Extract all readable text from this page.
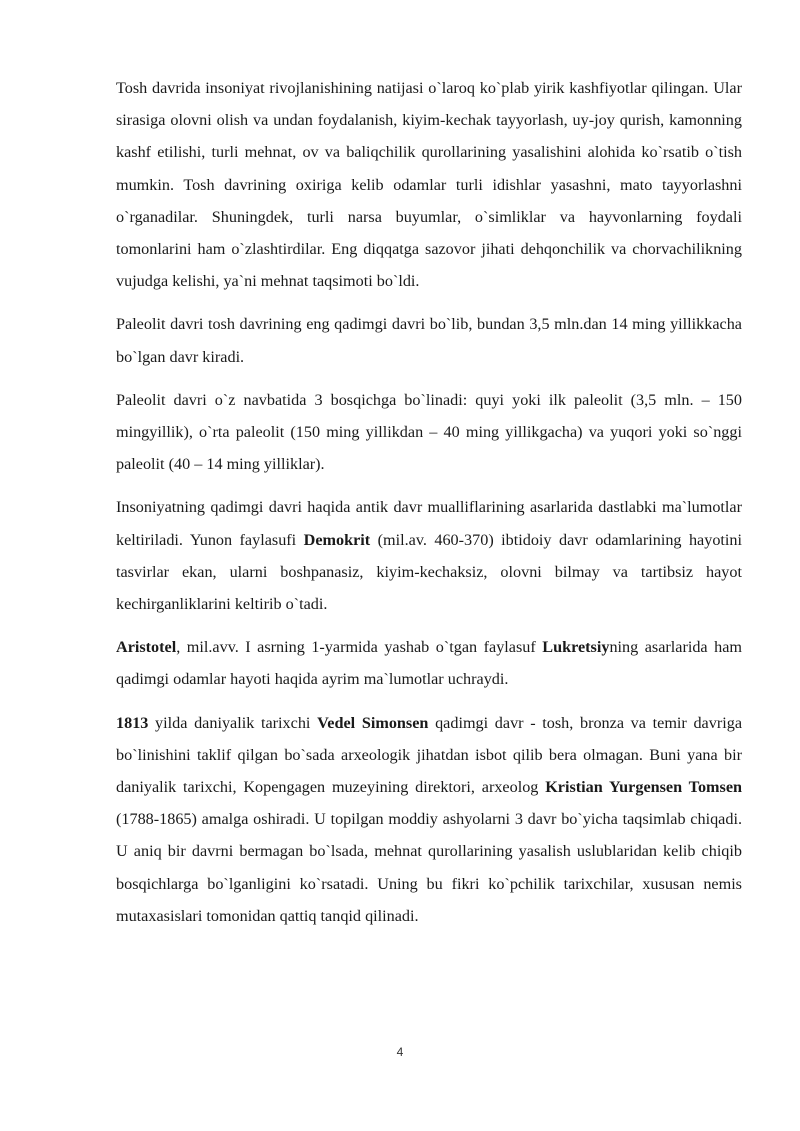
Tosh davrida insoniyat rivojlanishining natijasi o`laroq ko`plab yirik kashfiyotlar qilingan. Ular sirasiga olovni olish va undan foydalanish, kiyim-kechak tayyorlash, uy-joy qurish, kamonning kashf etilishi, turli mehnat, ov va baliqchilik qurollarining yasalishini alohida ko`rsatib o`tish mumkin. Tosh davrining oxiriga kelib odamlar turli idishlar yasashni, mato tayyorlashni o`rganadilar. Shuningdek, turli narsa buyumlar, o`simliklar va hayvonlarning foydali tomonlarini ham o`zlashtirdilar. Eng diqqatga sazovor jihati dehqonchilik va chorvachilikning vujudga kelishi, ya`ni mehnat taqsimoti bo`ldi.

Paleolit davri tosh davrining eng qadimgi davri bo`lib, bundan 3,5 mln.dan 14 ming yillikkacha bo`lgan davr kiradi.

Paleolit davri o`z navbatida 3 bosqichga bo`linadi: quyi yoki ilk paleolit (3,5 mln. – 150 mingyillik), o`rta paleolit (150 ming yillikdan – 40 ming yillikgacha) va yuqori yoki so`nggi paleolit (40 – 14 ming yilliklar).

Insoniyatning qadimgi davri haqida antik davr mualliflarining asarlarida dastlabki ma`lumotlar keltiriladi. Yunon faylasufi Demokrit (mil.av. 460-370) ibtidoiy davr odamlarining hayotini tasvirlar ekan, ularni boshpanasiz, kiyim-kechaksiz, olovni bilmay va tartibsiz hayot kechirganliklarini keltirib o`tadi.

Aristotel, mil.avv. I asrning 1-yarmida yashab o`tgan faylasuf Lukretsiyning asarlarida ham qadimgi odamlar hayoti haqida ayrim ma`lumotlar uchraydi.

1813 yilda daniyalik tarixchi Vedel Simonsen qadimgi davr - tosh, bronza va temir davriga bo`linishini taklif qilgan bo`sada arxeologik jihatdan isbot qilib bera olmagan. Buni yana bir daniyalik tarixchi, Kopengagen muzeyining direktori, arxeolog Kristian Yurgensen Tomsen (1788-1865) amalga oshiradi. U topilgan moddiy ashyolarni 3 davr bo`yicha taqsimlab chiqadi. U aniq bir davrni bermagan bo`lsada, mehnat qurollarining yasalish uslublaridan kelib chiqib bosqichlarga bo`lganligini ko`rsatadi. Uning bu fikri ko`pchilik tarixchilar, xususan nemis mutaxasislari tomonidan qattiq tanqid qilinadi.

4
